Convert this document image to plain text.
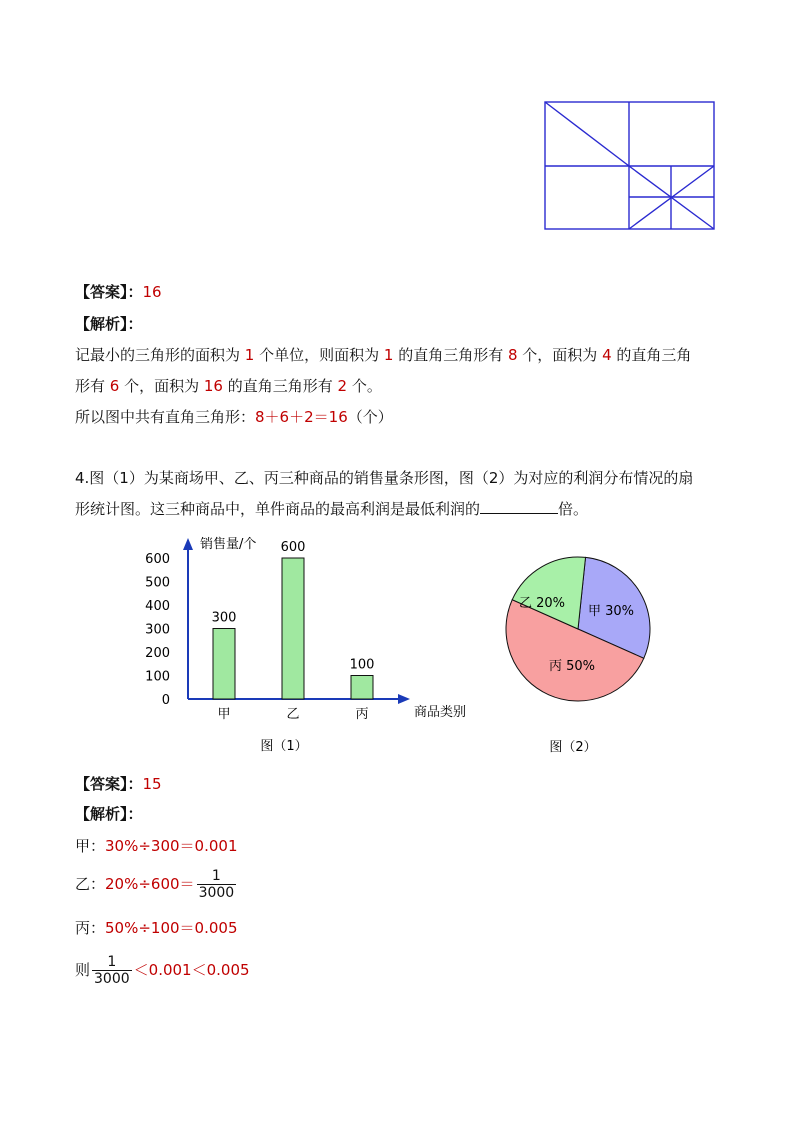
【答案】：16
【解析】：
记最小的三角形的面积为 1 个单位，则面积为 1 的直角三角形有 8 个，面积为 4 的直角三角
形有 6 个，面积为 16 的直角三角形有 2 个。
所以图中共有直角三角形：8＋6＋2＝16（个）
4.图（1）为某商场甲、乙、丙三种商品的销售量条形图，图（2）为对应的利润分布情况的扇
形统计图。这三种商品中，单件商品的最高利润是最低利润的	倍。
0
100
200
300
400
500
600
销售量/个
商品类别
300
甲
600
乙
100
丙
图（1）
甲 30%
丙 50%
乙 20%
图（2）
【答案】：15
【解析】：
甲：30%÷300＝0.001
乙：$20\%\div 600= \frac{1}{3000}$
丙：50%÷100＝0.005
则 $\frac{1}{3000} <0.001<0.005$
